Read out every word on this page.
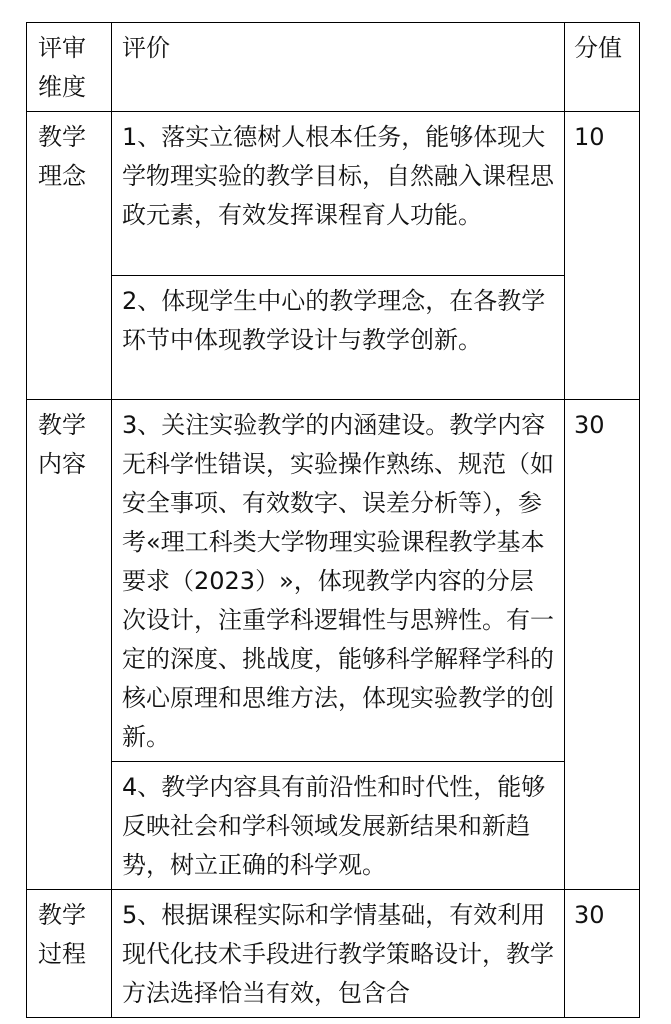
评审维度	评价	分值

教学理念	1、落实立德树人根本任务，能够体现大学物理实验的教学目标，自然融入课程思政元素，有效发挥课程育人功能。	10

	2、体现学生中心的教学理念，在各教学环节中体现教学设计与教学创新。	

教学内容	3、关注实验教学的内涵建设。教学内容无科学性错误，实验操作熟练、规范（如安全事项、有效数字、误差分析等），参考«理工科类大学物理实验课程教学基本要求（2023）»，体现教学内容的分层次设计，注重学科逻辑性与思辨性。有一定的深度、挑战度，能够科学解释学科的核心原理和思维方法，体现实验教学的创新。	30

	4、教学内容具有前沿性和时代性，能够反映社会和学科领域发展新结果和新趋势，树立正确的科学观。	

教学过程	5、根据课程实际和学情基础，有效利用现代化技术手段进行教学策略设计，教学方法选择恰当有效，包含合	30
